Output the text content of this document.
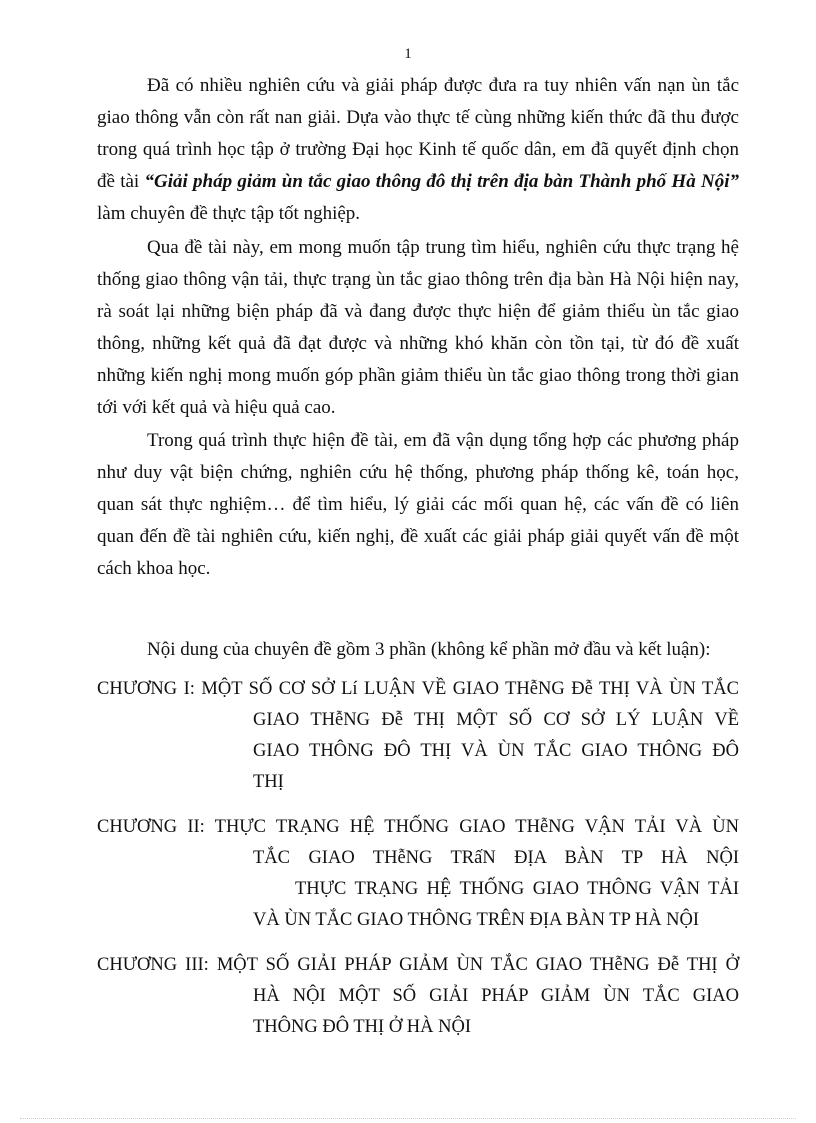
1

Đã có nhiều nghiên cứu và giải pháp được đưa ra tuy nhiên vấn nạn ùn tắc giao thông vẫn còn rất nan giải. Dựa vào thực tế cùng những kiến thức đã thu được trong quá trình học tập ở trường Đại học Kinh tế quốc dân, em đã quyết định chọn đề tài “Giải pháp giảm ùn tắc giao thông đô thị trên địa bàn Thành phố Hà Nội” làm chuyên đề thực tập tốt nghiệp.

Qua đề tài này, em mong muốn tập trung tìm hiểu, nghiên cứu thực trạng hệ thống giao thông vận tải, thực trạng ùn tắc giao thông trên địa bàn Hà Nội hiện nay, rà soát lại những biện pháp đã và đang được thực hiện để giảm thiểu ùn tắc giao thông, những kết quả đã đạt được và những khó khăn còn tồn tại, từ đó đề xuất những kiến nghị mong muốn góp phần giảm thiểu ùn tắc giao thông trong thời gian tới với kết quả và hiệu quả cao.

Trong quá trình thực hiện đề tài, em đã vận dụng tổng hợp các phương pháp như duy vật biện chứng, nghiên cứu hệ thống, phương pháp thống kê, toán học, quan sát thực nghiệm… để tìm hiểu, lý giải các mối quan hệ, các vấn đề có liên quan đến đề tài nghiên cứu, kiến nghị, đề xuất các giải pháp giải quyết vấn đề một cách khoa học.

Nội dung của chuyên đề gồm 3 phần (không kể phần mở đầu và kết luận):

CHƯƠNG I: MỘT SỐ CƠ SỞ Lí LUẬN VỀ GIAO THễNG Đễ THỊ VÀ ÙN TẮC
GIAO THễNG Đễ THỊ MỘT SỐ CƠ SỞ LÝ LUẬN VỀ
GIAO THÔNG ĐÔ THỊ VÀ ÙN TẮC GIAO THÔNG ĐÔ
THỊ
CHƯƠNG II: THỰC TRẠNG HỆ THỐNG GIAO THễNG VẬN TẢI VÀ ÙN
TẮC GIAO THễNG TRấN ĐỊA BÀN TP HÀ NỘI
THỰC TRẠNG HỆ THỐNG GIAO THÔNG VẬN TẢI
VÀ ÙN TẮC GIAO THÔNG TRÊN ĐỊA BÀN TP HÀ NỘI
CHƯƠNG III: MỘT SỐ GIẢI PHÁP GIẢM ÙN TẮC GIAO THễNG Đễ THỊ Ở
HÀ NỘI MỘT SỐ GIẢI PHÁP GIẢM ÙN TẮC GIAO
THÔNG ĐÔ THỊ Ở HÀ NỘI
